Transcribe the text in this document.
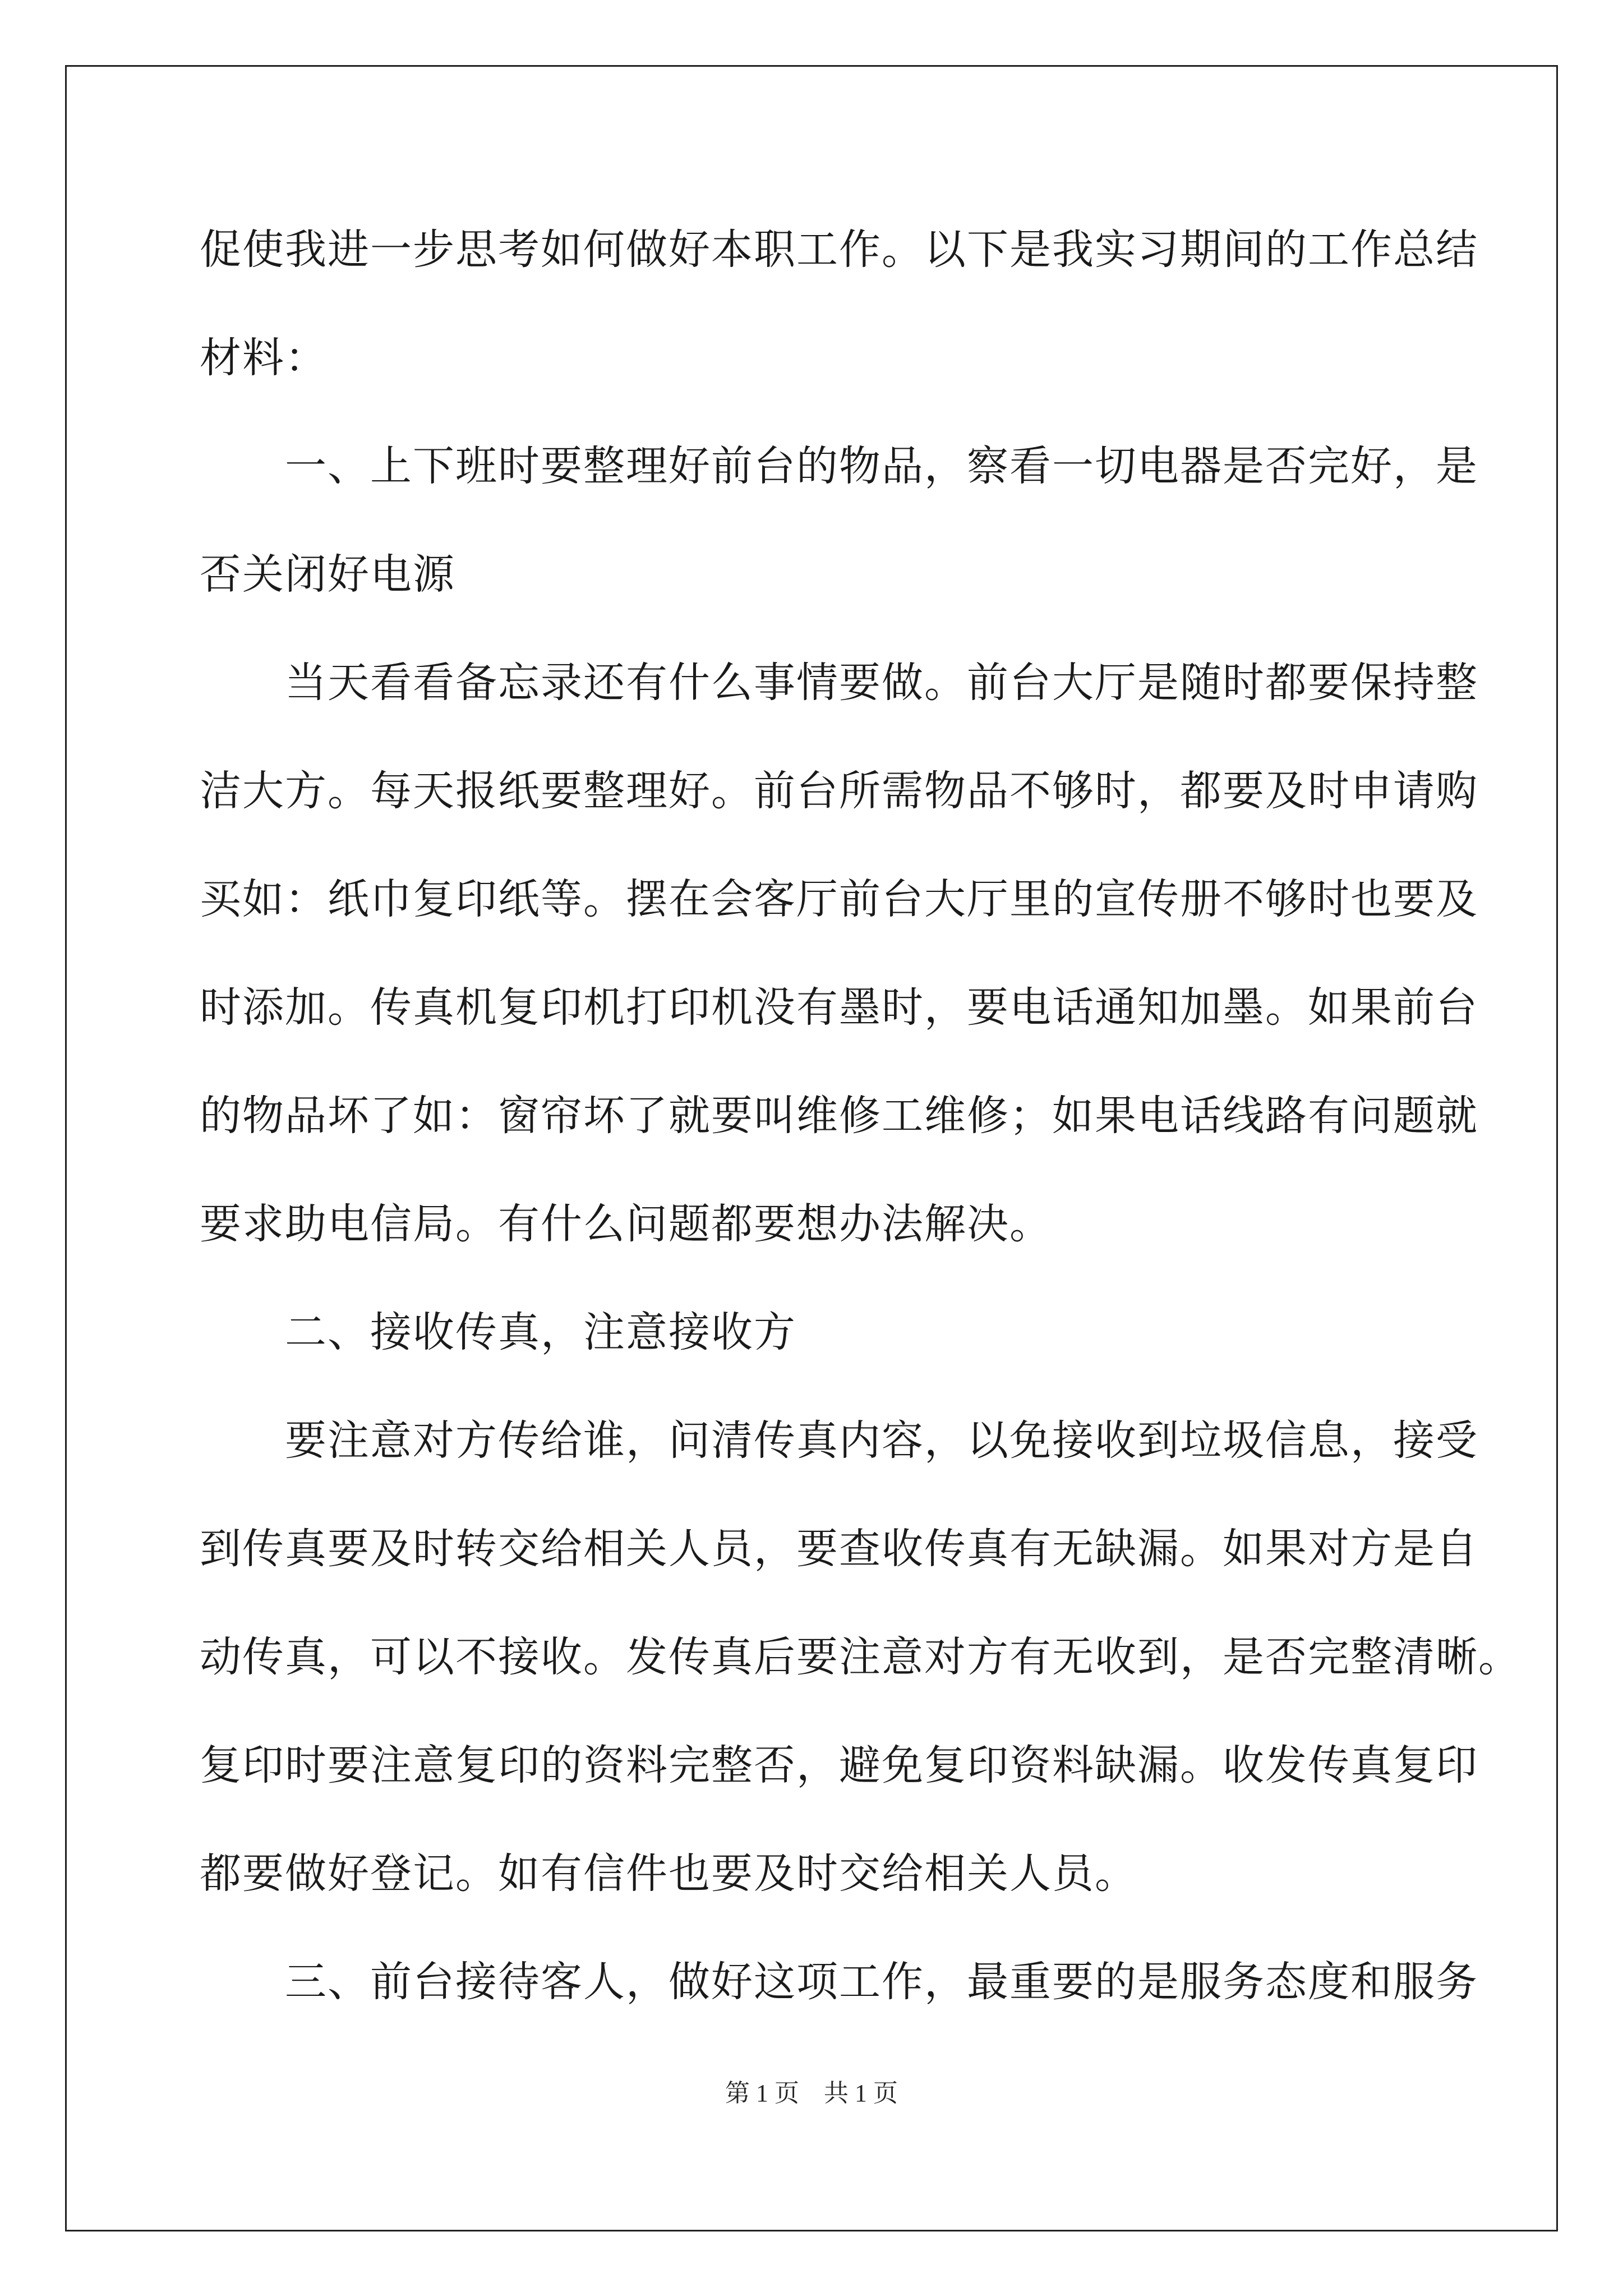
促使我进一步思考如何做好本职工作。以下是我实习期间的工作总结
材料：
　　一、上下班时要整理好前台的物品，察看一切电器是否完好，是
否关闭好电源
　　当天看看备忘录还有什么事情要做。前台大厅是随时都要保持整
洁大方。每天报纸要整理好。前台所需物品不够时，都要及时申请购
买如：纸巾复印纸等。摆在会客厅前台大厅里的宣传册不够时也要及
时添加。传真机复印机打印机没有墨时，要电话通知加墨。如果前台
的物品坏了如：窗帘坏了就要叫维修工维修；如果电话线路有问题就
要求助电信局。有什么问题都要想办法解决。
　　二、接收传真，注意接收方
　　要注意对方传给谁，问清传真内容，以免接收到垃圾信息，接受
到传真要及时转交给相关人员，要查收传真有无缺漏。如果对方是自
动传真，可以不接收。发传真后要注意对方有无收到，是否完整清晰。
复印时要注意复印的资料完整否，避免复印资料缺漏。收发传真复印
都要做好登记。如有信件也要及时交给相关人员。
　　三、前台接待客人，做好这项工作，最重要的是服务态度和服务
第 1 页　共 1 页
